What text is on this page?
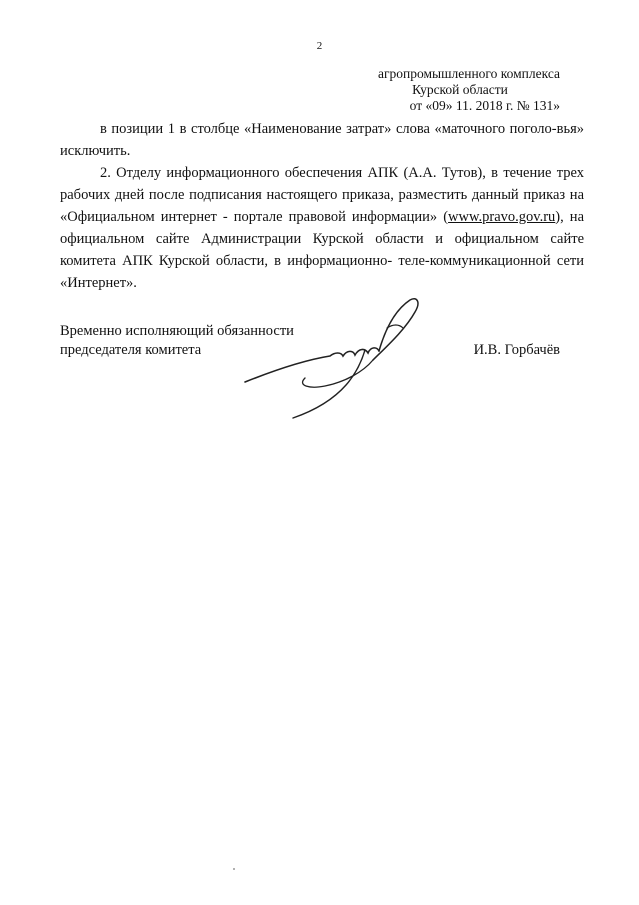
2
агропромышленного комплекса
Курской области
от «09» 11. 2018 г. № 131»

в позиции 1 в столбце «Наименование затрат» слова «маточного поголо-вья» исключить.

2. Отделу информационного обеспечения АПК (А.А. Тутов), в течение трех рабочих дней после подписания настоящего приказа, разместить данный приказ на «Официальном интернет - портале правовой информации» (www.pravo.gov.ru), на официальном сайте Администрации Курской области и официальном сайте комитета АПК Курской области, в информационно- теле-коммуникационной сети «Интернет».

Временно исполняющий обязанности
председателя комитета	И.В. Горбачёв
